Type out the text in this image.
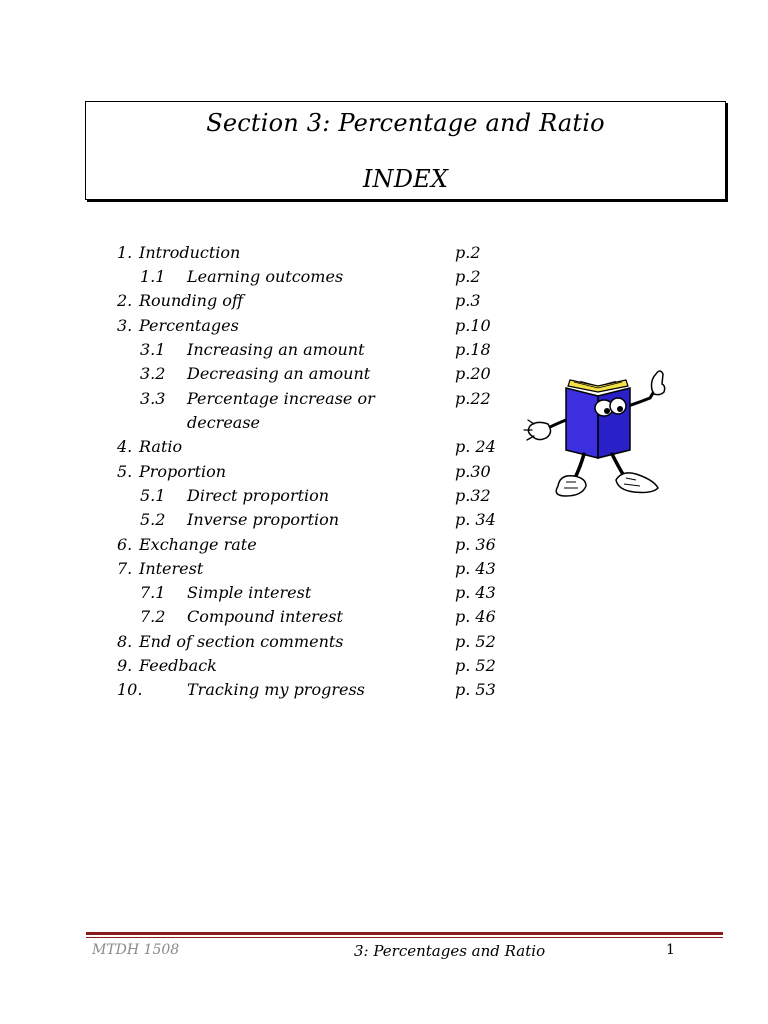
Section 3: Percentage and Ratio
INDEX
1. Introduction	p.2
1.1 Learning outcomes	p.2
2. Rounding off	p.3
3. Percentages	p.10
3.1 Increasing an amount	p.18
3.2 Decreasing an amount	p.20
3.3 Percentage increase or	p.22
decrease
4. Ratio	p. 24
5. Proportion	p.30
5.1 Direct proportion	p.32
5.2 Inverse proportion	p. 34
6. Exchange rate	p. 36
7. Interest	p. 43
7.1 Simple interest	p. 43
7.2 Compound interest	p. 46
8. End of section comments	p. 52
9. Feedback	p. 52
10.	Tracking my progress	p. 53
MTDH 1508	3: Percentages and Ratio	1
